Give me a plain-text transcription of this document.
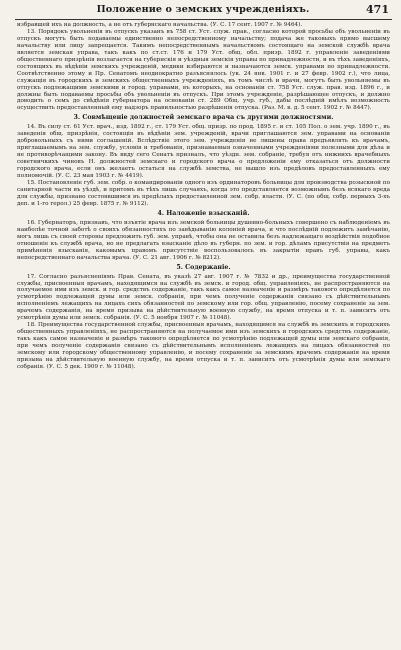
Положение о земских учрежденіяхъ.	471

избравшей ихъ на должность, а не отъ губернскаго начальства. (У. С. 17 сент. 1907 г. № 9464).

13. Порядокъ увольненія въ отпускъ указанъ въ 758 ст. Уст. служ. прав., согласно которой просьбы объ увольненіи въ отпускъ могутъ быть подаваемы единственно непосредственному начальству; подача же таковыхъ прямо высшему начальству или лицу запрещается. Такимъ непосредственнымъ начальствомъ состоящаго на земской службѣ врача является земская управа, такъ какъ по ст.ст. 176 и 179 Уст. общ. обл. призр. 1892 г. управленіе заведеніями общественнаго призрѣнія возлагается на губернскія и уѣздныя земскія управы по принадлежности, и въ тѣхъ заведеніяхъ, состоящихъ въ вѣдѣніи земскихъ учрежденій, медики избираются и назначаются земск. управами по принадлежности. Соотвѣтственно этому и Пр. Сенатомъ неоднократно разъяснялось (ук. 24 янв. 1901 г. и 27 февр. 1902 г.), что лица, служащія въ городскихъ и земскихъ общественныхъ учрежденіяхъ, въ томъ числѣ и врачи, могутъ быть увольняемы въ отпускъ подлежащими земскими и город. управами, въ которыхъ, на основаніи ст. 758 Уст. служ. прав. изд. 1896 г., и должны быть подаваемы просьбы объ увольненіи въ отпускъ. При этомъ учрежденіе, разрѣшающее отпускъ, и должно доводить о семъ до свѣдѣнія губернатора на основаніи ст. 289 Общ. учр. губ., дабы послѣдній имѣлъ возможность осуществить предоставленный ему надзоръ правильностью разрѣшенія отпуска. (Раз. М. в. д. 5 сент. 1902 г. № 8447).

3. Совмѣщеніе должностей земскаго врача съ другими должностями.

14. Въ силу ст. 61 Уст. врач., изд. 1892 г., ст. 179 Уст. общ. призр. по прод. 1895 г. и ст. 105 Пол. о зем. учр. 1890 г., въ заведенія общ. призрѣнія, состоящія въ вѣдѣніи зем. учрежденій, врачи приглашаются зем. управами на основаніи добровольныхъ съ ними соглашеній. Вслѣдствіе этого зем. учрежденія не лишены права предъявлять къ врачамъ, приглашаемымъ на зем. службу, условія и требованія, признаваемыя означенными учрежденіями полезными для дѣла и не противорѣчащими закону. Въ виду сего Сенатъ призналъ, что уѣздн. зем. собраніе, требуя отъ нижнихъ врачебныхъ советничкихъ чиновъ Н. должностей земскаго и городского врача о предложеніи ему отказаться отъ должности городского врача, если онъ желаетъ остаться на службѣ земства, не вышло изъ предѣловъ предоставленныхъ ему полномочій. (У. С. 23 мая 1903 г. № 4419).

15. Постановленіе губ. зем. собр. о командированіи одного изъ ординаторовъ больницы для производства розыскной по санитарной части въ уѣздѣ, и притомъ въ тѣхъ лишь случаяхъ, когда это представляется возможнымъ безъ всякаго вреда для службы, признано состоявшимся въ предѣлахъ предоставленной зем. собр. власти. (У. С. (по общ. собр. первыхъ 3-хъ деп. и 1-го герол.) 25 февр. 1875 г. № 9112).

4. Наложеніе взысканій.

16. Губернаторъ, признавъ, что изъятіе врача изъ земской больницы душевно-больныхъ совершено съ наблюденіемъ въ наиболѣе точной заботѣ о своихъ обязанностяхъ по завѣдыванію колоніей врача, и что послѣдній подлежитъ замѣчанію, могъ лишь съ своей стороны предложить губ. зем. управѣ, чтобы она не оставила безъ надлежащаго воздѣйствія подобное отношеніе къ службѣ врача, но не предлагать взысканіе дѣло въ губерн. по зем. и гор. дѣламъ присутствія на предметъ примѣненія взысканія, каковымъ правомъ присутствіе воспользовалось въ закрытіи правъ губ. управы, какъ непосредственнаго начальства врача. (У. С. 21 авг. 1906 г. № 8212).

5. Содержаніе.

17. Согласно разъясненіямъ Прав. Сената, въ указѣ 27 авг. 1907 г. № 7832 и др., преимущества государственной службы, присвоенныя врачамъ, находящимся на службѣ въ земск. и город. общ. управленіяхъ, не распространяются на получаемое ими изъ земск. и гор. средствъ содержаніе, такъ какъ самое назначеніе и размѣръ такового опредѣляется по усмотрѣнію подлежащей думы или земск. собранія, при чемъ полученіе содержанія связано съ дѣйствительнымъ исполненіемъ лежащихъ на лицахъ сихъ обязанностей по земскому или гор. общ. управленію, посему сохраненіе за зем. врачемъ содержанія, на время призыва на дѣйствительную военную службу, на время отпуска и т. п. зависитъ отъ усмотрѣнія думы или земск. собранія. (У. С. 5 ноября 1907 г. № 11048).

18. Преимущества государственной службы, присвоенныя врачамъ, находящимся на службѣ въ земскихъ и городскихъ общественныхъ управленіяхъ, не распространяются на получаемое ими изъ земскихъ и городскихъ средствъ содержаніе, такъ какъ самое назначеніе и размѣръ такового опредѣляется по усмотрѣнію подлежащей думы или земскаго собранія, при чемъ полученіе содержанія связано съ дѣйствительнымъ исполненіемъ лежащихъ на лицахъ обязанностей по земскому или городскому общественному управленію, и посему сохраненіе за земскимъ врачемъ содержанія на время призыва на дѣйствительную военную службу, на время отпуска и т. п. зависитъ отъ усмотрѣнія думы или земскаго собранія. (У. С. 5 дек. 1909 г. № 11048).
